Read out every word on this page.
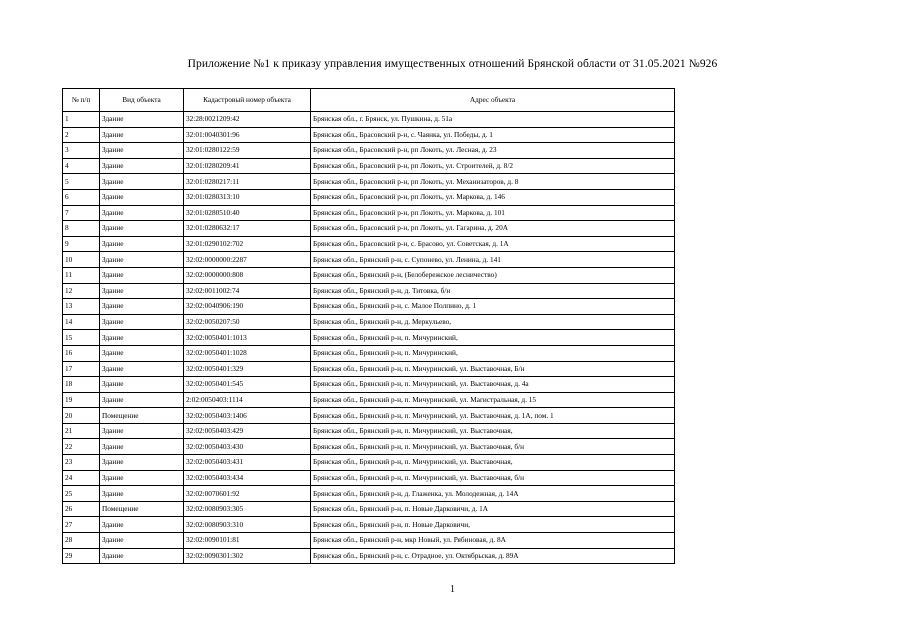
Приложение №1 к приказу управления имущественных отношений Брянской области от 31.05.2021 №926
№ п/п	Вид объекта	Кадастровый номер объекта	Адрес объекта
1	Здание	32:28:0021209:42	Брянская обл., г. Брянск, ул. Пушкина, д. 51а
2	Здание	32:01:0040301:96	Брянская обл., Брасовский р-н, с. Чаянка, ул. Победы, д. 1
3	Здание	32:01:0280122:59	Брянская обл., Брасовский р-н, рп Локоть, ул. Лесная, д. 23
4	Здание	32:01:0280209:41	Брянская обл., Брасовский р-н, рп Локоть, ул. Строителей, д. 8/2
5	Здание	32:01:0280217:11	Брянская обл., Брасовский р-н, рп Локоть, ул. Механизаторов, д. 8
6	Здание	32:01:0280313:10	Брянская обл., Брасовский р-н, рп Локоть, ул. Маркова, д. 146
7	Здание	32:01:0280510:40	Брянская обл., Брасовский р-н, рп Локоть, ул. Маркова, д. 101
8	Здание	32:01:0280632:17	Брянская обл., Брасовский р-н, рп Локоть, ул. Гагарина, д. 20А
9	Здание	32:01:0290102:702	Брянская обл., Брасовский р-н, с. Брасово, ул. Советская, д. 1А
10	Здание	32:02:0000000:2287	Брянская обл., Брянский р-н, с. Супонево, ул. Ленина, д. 141
11	Здание	32:02:0000000:808	Брянская обл., Брянский р-н, (Белобережское лесничество)
12	Здание	32:02:0011002:74	Брянская обл., Брянский р-н, д. Титовка, б/н
13	Здание	32:02:0040906:190	Брянская обл., Брянский р-н, с. Малое Полпино, д. 1
14	Здание	32:02:0050207:50	Брянская обл., Брянский р-н, д. Меркульево,
15	Здание	32:02:0050401:1013	Брянская обл., Брянский р-н, п. Мичуринский,
16	Здание	32:02:0050401:1028	Брянская обл., Брянский р-н, п. Мичуринский,
17	Здание	32:02:0050401:329	Брянская обл., Брянский р-н, п. Мичуринский, ул. Выставочная, Б/н
18	Здание	32:02:0050401:545	Брянская обл., Брянский р-н, п. Мичуринский, ул. Выставочная, д. 4а
19	Здание	2:02:0050403:1114	Брянская обл., Брянский р-н, п. Мичуринский, ул. Магистральная, д. 15
20	Помещение	32:02:0050403:1406	Брянская обл., Брянский р-н, п. Мичуринский, ул. Выставочная, д. 1А, пом. 1
21	Здание	32:02:0050403:429	Брянская обл., Брянский р-н, п. Мичуринский, ул. Выставочная,
22	Здание	32:02:0050403:430	Брянская обл., Брянский р-н, п. Мичуринский, ул. Выставочная, б/н
23	Здание	32:02:0050403:431	Брянская обл., Брянский р-н, п. Мичуринский, ул. Выставочная,
24	Здание	32:02:0050403:434	Брянская обл., Брянский р-н, п. Мичуринский, ул. Выставочная, б/н
25	Здание	32:02:0070601:92	Брянская обл., Брянский р-н, д. Глаженка, ул. Молодежная, д. 14А
26	Помещение	32:02:0080903:305	Брянская обл., Брянский р-н, п. Новые Дарковичи, д. 1А
27	Здание	32:02:0080903:310	Брянская обл., Брянский р-н, п. Новые Дарковичи,
28	Здание	32:02:0090101:81	Брянская обл., Брянский р-н, мкр Новый, ул. Рябиновая, д. 8А
29	Здание	32:02:0090301:302	Брянская обл., Брянский р-н, с. Отрадное, ул. Октябрьская, д. 89А
1
